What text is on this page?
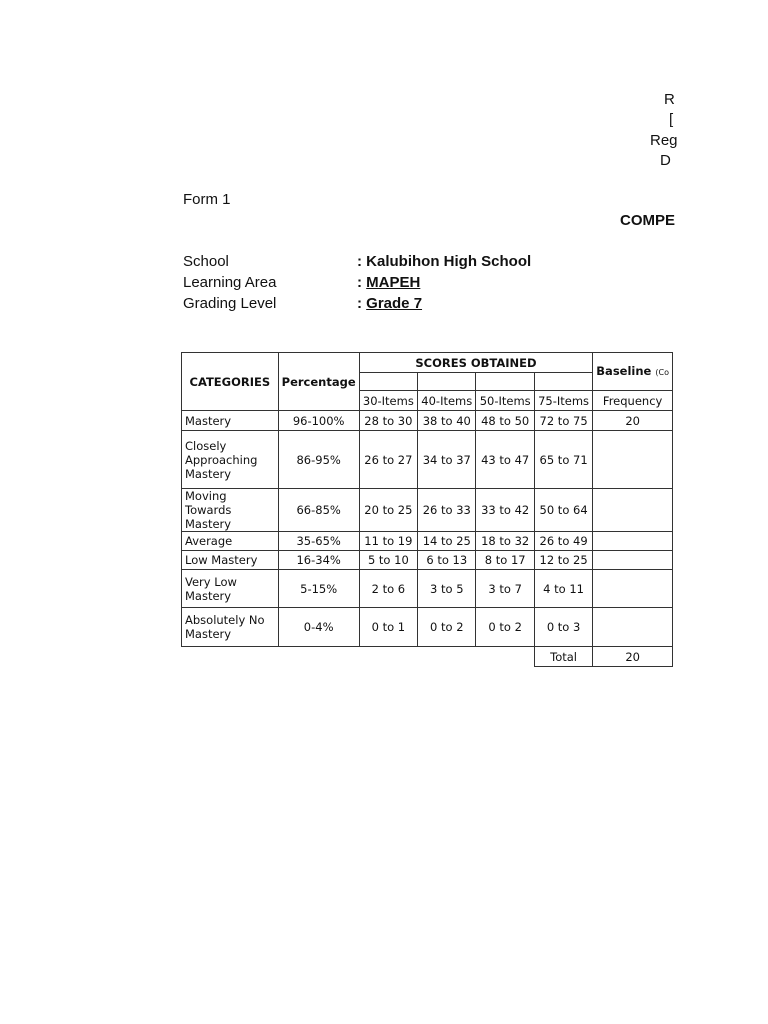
R
[
Reg
D
Form 1
COMPE
School	: Kalubihon High School
Learning Area	: MAPEH
Grading Level	: Grade 7
CATEGORIES	Percentage	SCORES OBTAINED				Baseline (Co

		30-Items	40-Items	50-Items	75-Items	Frequency
Mastery	96-100%	28 to 30	38 to 40	48 to 50	72 to 75	20
Closely Approaching Mastery	86-95%	26 to 27	34 to 37	43 to 47	65 to 71	
Moving Towards Mastery	66-85%	20 to 25	26 to 33	33 to 42	50 to 64	
Average	35-65%	11 to 19	14 to 25	18 to 32	26 to 49	
Low Mastery	16-34%	5 to 10	6 to 13	8 to 17	12 to 25	
Very Low Mastery	5-15%	2 to 6	3 to 5	3 to 7	4 to 11	
Absolutely No Mastery	0-4%	0 to 1	0 to 2	0 to 2	0 to 3	
					Total	20
